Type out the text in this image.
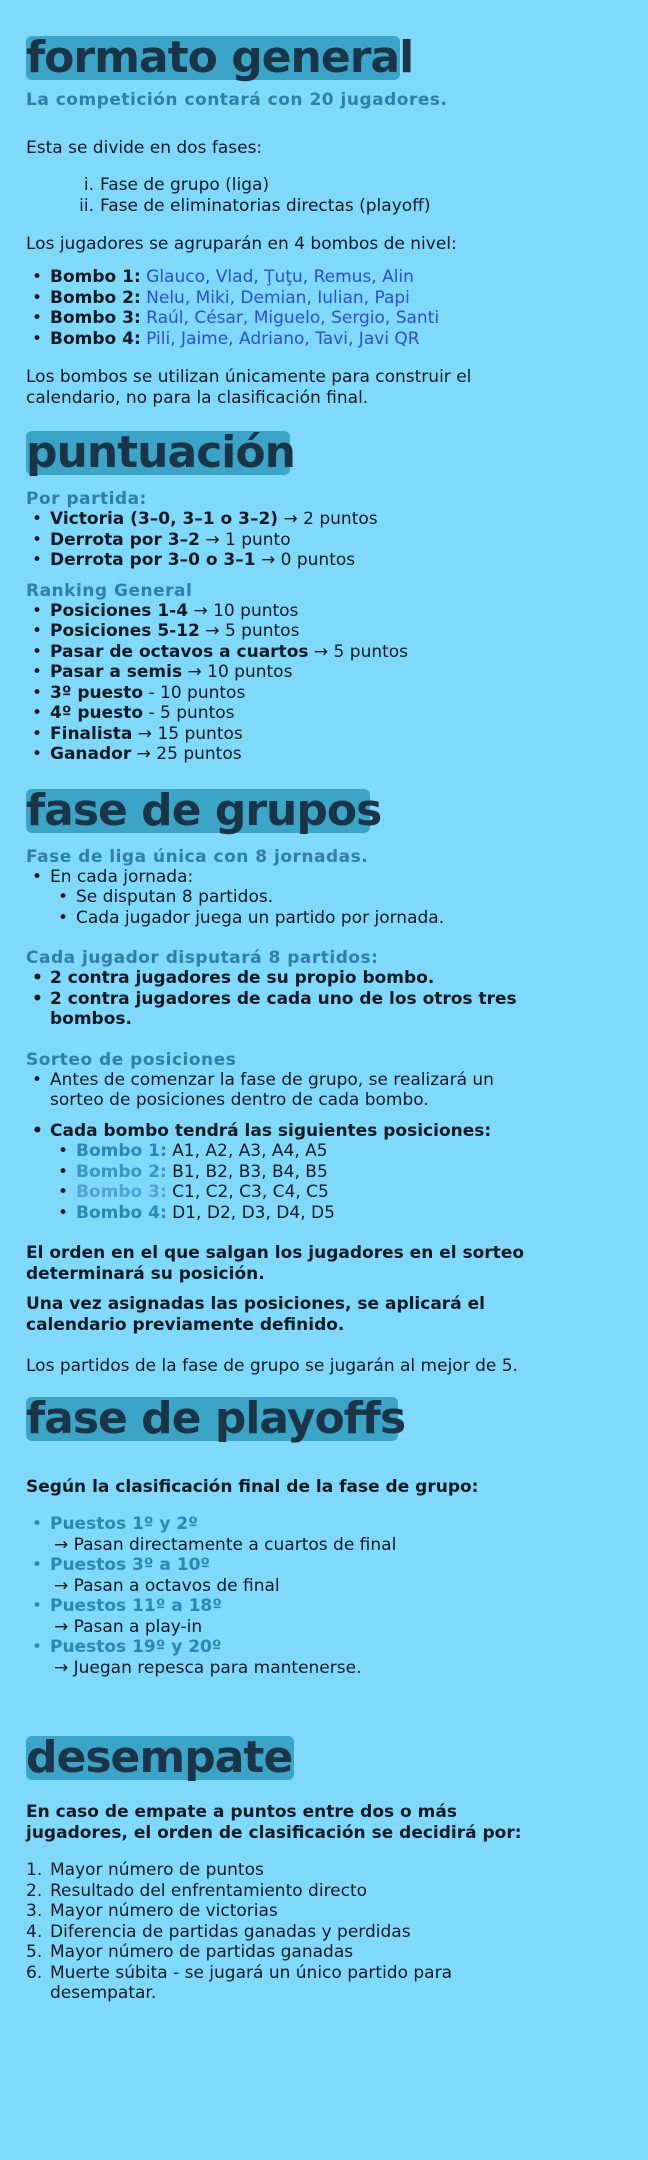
formato general

La competición contará con 20 jugadores.

Esta se divide en dos fases:

i. Fase de grupo (liga)
ii. Fase de eliminatorias directas (playoff)

Los jugadores se agruparán en 4 bombos de nivel:

• Bombo 1: Glauco, Vlad, Ţuţu, Remus, Alin
• Bombo 2: Nelu, Miki, Demian, Iulian, Papi
• Bombo 3: Raúl, César, Miguelo, Sergio, Santi
• Bombo 4: Pili, Jaime, Adriano, Tavi, Javi QR

Los bombos se utilizan únicamente para construir el

calendario, no para la clasificación final.

puntuación

Por partida:

• Victoria (3–0, 3–1 o 3–2) → 2 puntos
• Derrota por 3–2 → 1 punto
• Derrota por 3–0 o 3–1 → 0 puntos

Ranking General

• Posiciones 1-4 → 10 puntos
• Posiciones 5-12 → 5 puntos
• Pasar de octavos a cuartos → 5 puntos
• Pasar a semis → 10 puntos
• 3º puesto - 10 puntos
• 4º puesto - 5 puntos
• Finalista → 15 puntos
• Ganador → 25 puntos
fase de grupos

Fase de liga única con 8 jornadas.

• En cada jornada:
• Se disputan 8 partidos.
• Cada jugador juega un partido por jornada.

Cada jugador disputará 8 partidos:

• 2 contra jugadores de su propio bombo.
• 2 contra jugadores de cada uno de los otros tres
bombos.

Sorteo de posiciones

• Antes de comenzar la fase de grupo, se realizará un
sorteo de posiciones dentro de cada bombo.
• Cada bombo tendrá las siguientes posiciones:
• Bombo 1: A1, A2, A3, A4, A5
• Bombo 2: B1, B2, B3, B4, B5
• Bombo 3: C1, C2, C3, C4, C5
• Bombo 4: D1, D2, D3, D4, D5

El orden en el que salgan los jugadores en el sorteo

determinará su posición.

Una vez asignadas las posiciones, se aplicará el

calendario previamente definido.

Los partidos de la fase de grupo se jugarán al mejor de 5.

fase de playoffs

Según la clasificación final de la fase de grupo:

• Puestos 1º y 2º
→ Pasan directamente a cuartos de final
• Puestos 3º a 10º
→ Pasan a octavos de final
• Puestos 11º a 18º
→ Pasan a play-in
• Puestos 19º y 20º
→ Juegan repesca para mantenerse.
desempate

En caso de empate a puntos entre dos o más

jugadores, el orden de clasificación se decidirá por:

1. Mayor número de puntos
2. Resultado del enfrentamiento directo
3. Mayor número de victorias
4. Diferencia de partidas ganadas y perdidas
5. Mayor número de partidas ganadas
6. Muerte súbita - se jugará un único partido para
desempatar.
